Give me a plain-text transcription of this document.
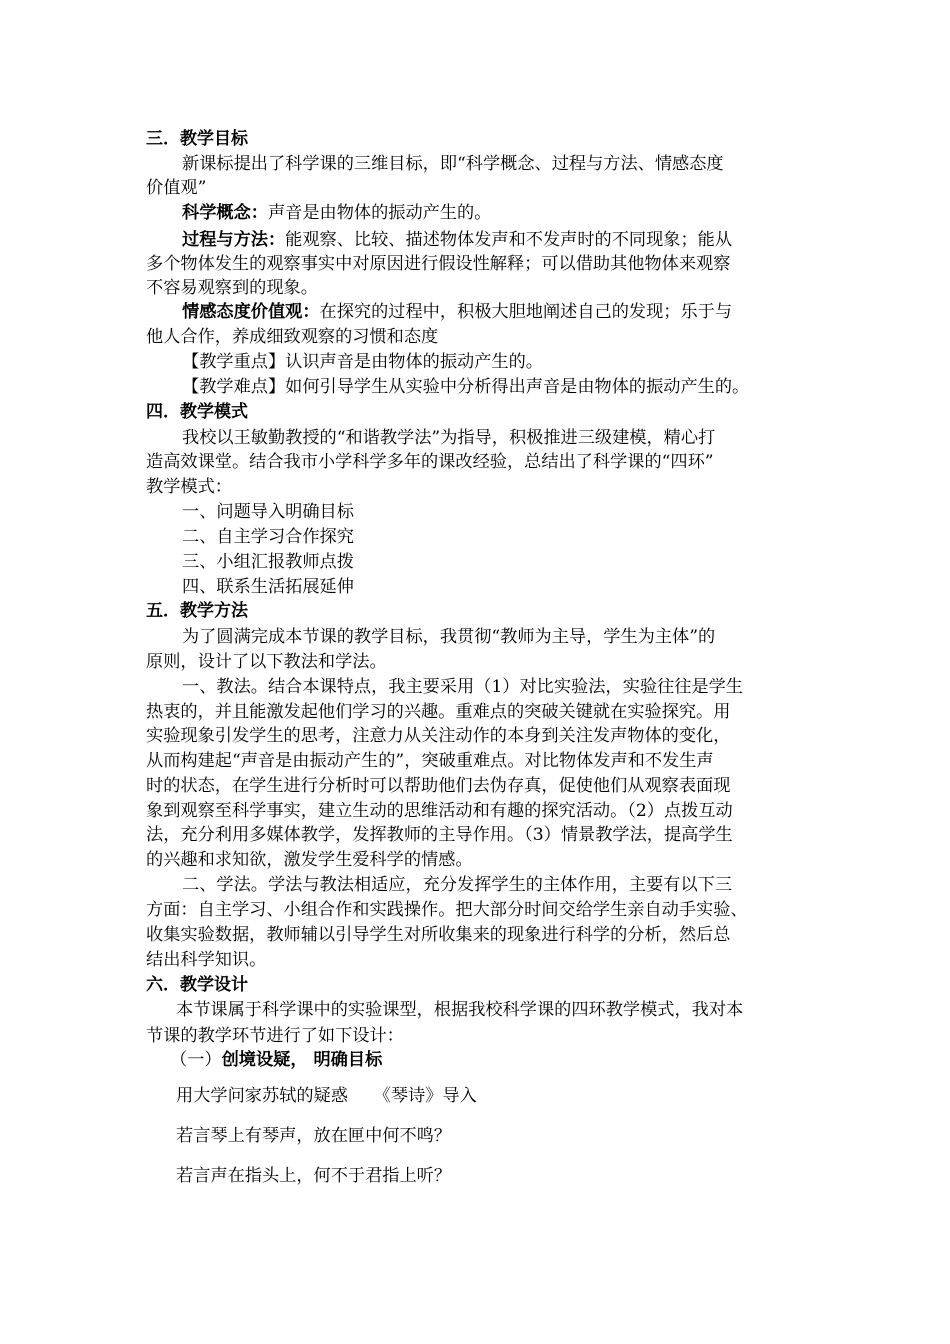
三．教学目标
新课标提出了科学课的三维目标，即“科学概念、过程与方法、情感态度
价值观”
科学概念：声音是由物体的振动产生的。
过程与方法：能观察、比较、描述物体发声和不发声时的不同现象；能从
多个物体发生的观察事实中对原因进行假设性解释；可以借助其他物体来观察
不容易观察到的现象。
情感态度价值观：在探究的过程中，积极大胆地阐述自己的发现；乐于与
他人合作，养成细致观察的习惯和态度
【教学重点】认识声音是由物体的振动产生的。
【教学难点】如何引导学生从实验中分析得出声音是由物体的振动产生的。
四．教学模式
我校以王敏勤教授的“和谐教学法”为指导，积极推进三级建模，精心打
造高效课堂。结合我市小学科学多年的课改经验，总结出了科学课的“四环”
教学模式：
一、问题导入明确目标
二、自主学习合作探究
三、小组汇报教师点拨
四、联系生活拓展延伸
五．教学方法
为了圆满完成本节课的教学目标，我贯彻“教师为主导，学生为主体”的
原则，设计了以下教法和学法。
一、教法。结合本课特点，我主要采用（1）对比实验法，实验往往是学生
热衷的，并且能激发起他们学习的兴趣。重难点的突破关键就在实验探究。用
实验现象引发学生的思考，注意力从关注动作的本身到关注发声物体的变化，
从而构建起“声音是由振动产生的”，突破重难点。对比物体发声和不发生声
时的状态，在学生进行分析时可以帮助他们去伪存真，促使他们从观察表面现
象到观察至科学事实，建立生动的思维活动和有趣的探究活动。（2）点拨互动
法，充分利用多媒体教学，发挥教师的主导作用。（3）情景教学法，提高学生
的兴趣和求知欲，激发学生爱科学的情感。
二、学法。学法与教法相适应，充分发挥学生的主体作用，主要有以下三
方面：自主学习、小组合作和实践操作。把大部分时间交给学生亲自动手实验、
收集实验数据，教师辅以引导学生对所收集来的现象进行科学的分析，然后总
结出科学知识。
六．教学设计
本节课属于科学课中的实验课型，根据我校科学课的四环教学模式，我对本
节课的教学环节进行了如下设计：
（一）创境设疑， 明确目标
用大学问家苏轼的疑惑　　《琴诗》导入
若言琴上有琴声，放在匣中何不鸣？
若言声在指头上，何不于君指上听？
